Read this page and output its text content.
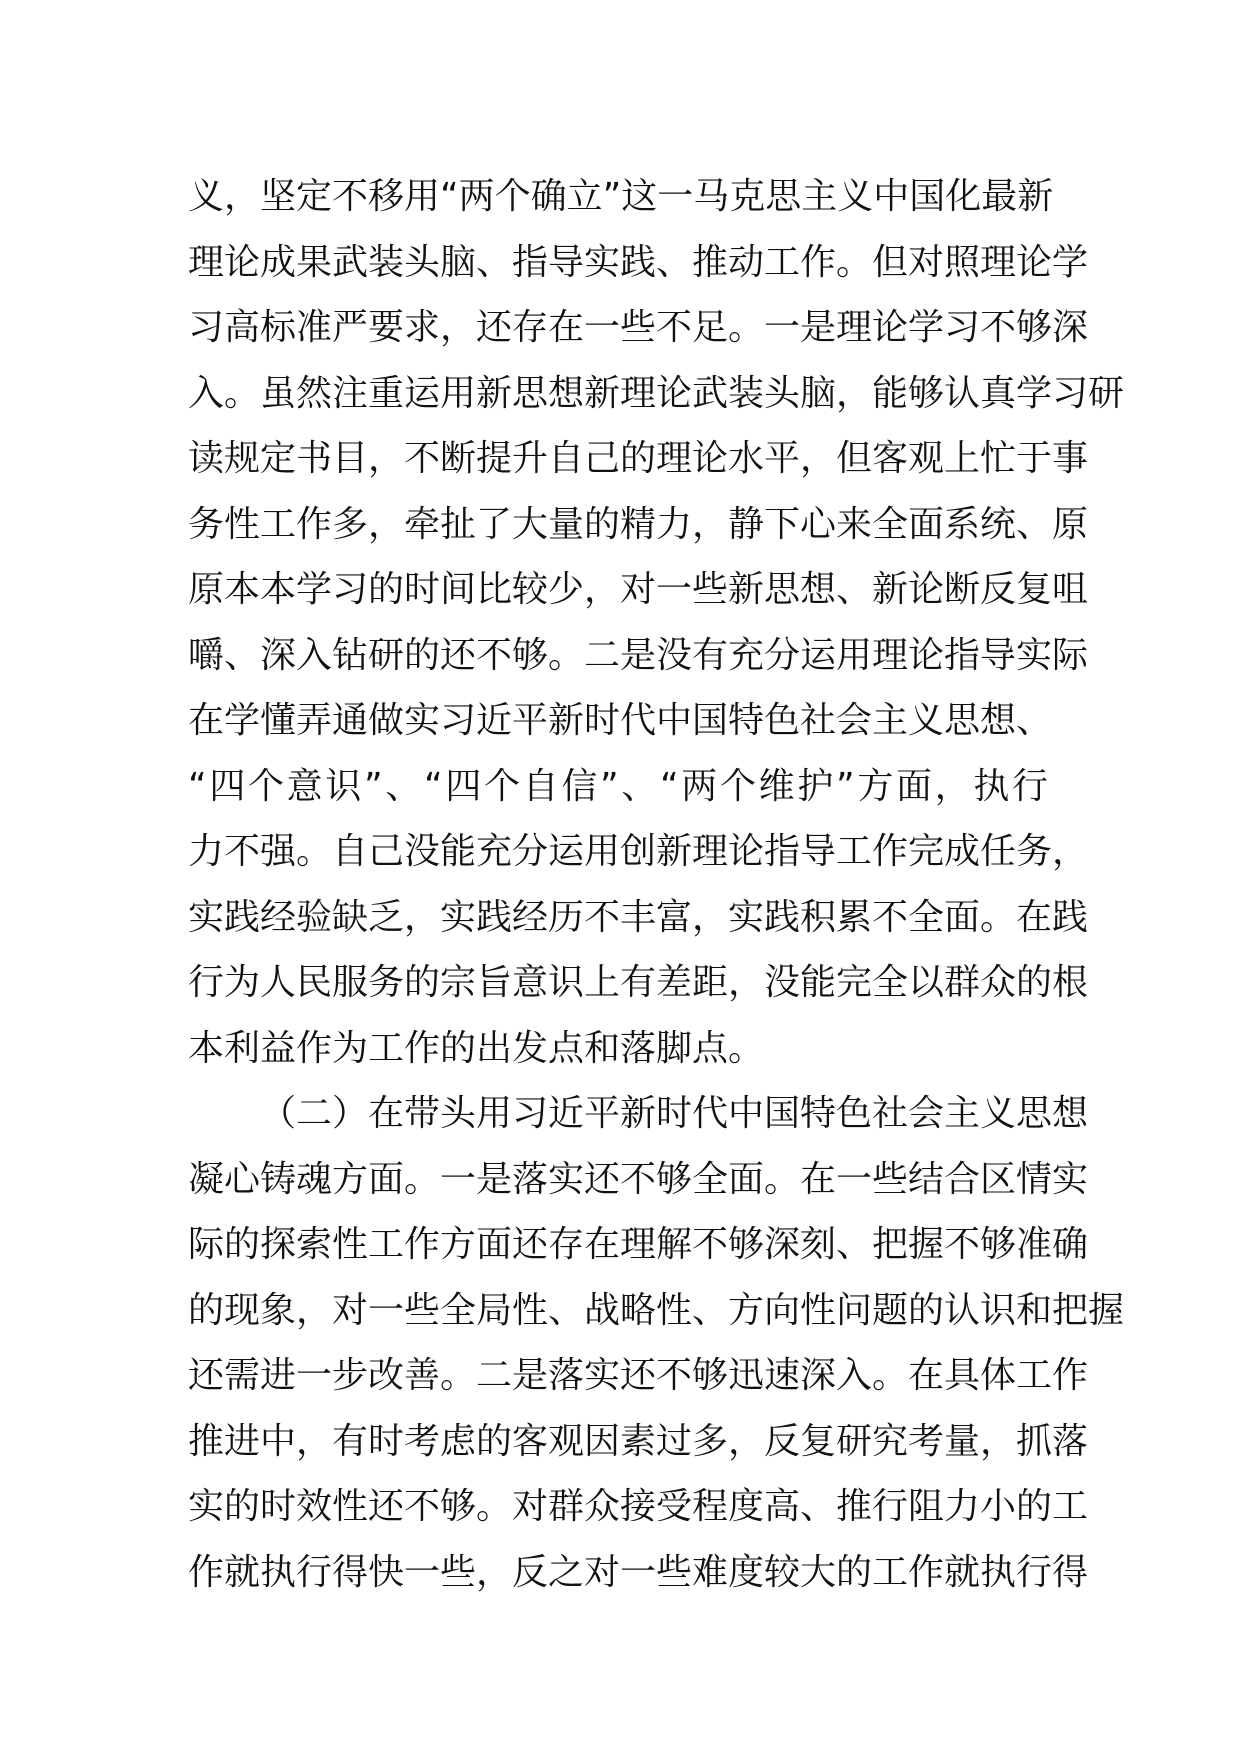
义，坚定不移用“两个确立”这一马克思主义中国化最新
理论成果武装头脑、指导实践、推动工作。但对照理论学
习高标准严要求，还存在一些不足。一是理论学习不够深
入。虽然注重运用新思想新理论武装头脑，能够认真学习研
读规定书目，不断提升自己的理论水平，但客观上忙于事
务性工作多，牵扯了大量的精力，静下心来全面系统、原
原本本学习的时间比较少，对一些新思想、新论断反复咀
嚼、深入钻研的还不够。二是没有充分运用理论指导实际
在学懂弄通做实习近平新时代中国特色社会主义思想、
“四个意识”、“四个自信”、“两个维护”方面，执行
力不强。自己没能充分运用创新理论指导工作完成任务，
实践经验缺乏，实践经历不丰富，实践积累不全面。在践
行为人民服务的宗旨意识上有差距，没能完全以群众的根
本利益作为工作的出发点和落脚点。
（二）在带头用习近平新时代中国特色社会主义思想
凝心铸魂方面。一是落实还不够全面。在一些结合区情实
际的探索性工作方面还存在理解不够深刻、把握不够准确
的现象，对一些全局性、战略性、方向性问题的认识和把握
还需进一步改善。二是落实还不够迅速深入。在具体工作
推进中，有时考虑的客观因素过多，反复研究考量，抓落
实的时效性还不够。对群众接受程度高、推行阻力小的工
作就执行得快一些，反之对一些难度较大的工作就执行得
